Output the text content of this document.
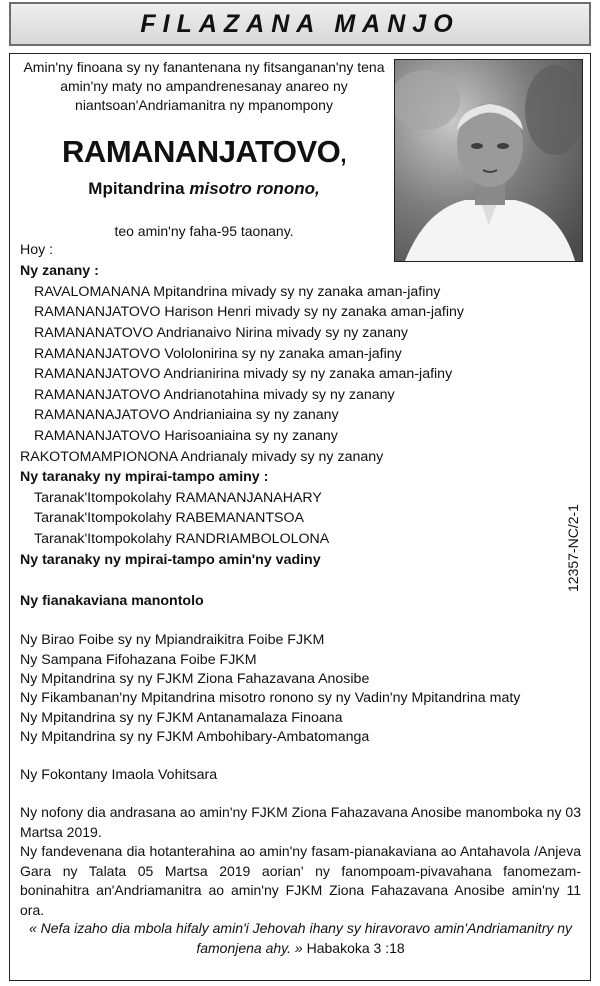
FILAZANA MANJO
Amin'ny finoana sy ny fanantenana ny fitsanganan'ny tena amin'ny maty no ampandrenesanay anareo ny niantsoan'Andriamanitra ny mpanompony
RAMANANJATOVO,
Mpitandrina misotro ronono,
teo amin'ny faha-95 taonany.
Hoy :
Ny zanany :
RAVALOMANANA Mpitandrina mivady sy ny zanaka aman-jafiny
RAMANANJATOVO Harison Henri mivady sy ny zanaka aman-jafiny
RAMANANATOVO Andrianaivo Nirina mivady sy ny zanany
RAMANANJATOVO Vololonirina sy ny zanaka aman-jafiny
RAMANANJATOVO Andrianirina mivady sy ny zanaka aman-jafiny
RAMANANJATOVO Andrianotahina mivady sy ny zanany
RAMANANAJATOVO Andrianiaina sy ny zanany
RAMANANJATOVO Harisoaniaina sy ny zanany
RAKOTOMAMPIONONA Andrianaly mivady sy ny zanany
Ny taranaky ny mpirai-tampo aminy :
Taranak'Itompokolahy RAMANANJANAHARY
Taranak'Itompokolahy RABEMANANTSOA
Taranak'Itompokolahy RANDRIAMBOLOLONA
Ny taranaky ny mpirai-tampo amin'ny vadiny	12357-NC/2-1
Ny fianakaviana manontolo
Ny Birao Foibe sy ny Mpiandraikitra Foibe FJKM
Ny Sampana Fifohazana Foibe FJKM
Ny Mpitandrina sy ny FJKM Ziona Fahazavana Anosibe
Ny Fikambanan'ny Mpitandrina misotro ronono sy ny Vadin'ny Mpitandrina maty
Ny Mpitandrina sy ny FJKM Antanamalaza Finoana
Ny Mpitandrina sy ny FJKM Ambohibary-Ambatomanga
Ny Fokontany Imaola Vohitsara
Ny nofony dia andrasana ao amin'ny FJKM Ziona Fahazavana Anosibe manomboka ny 03 Martsa 2019.
Ny fandevenana dia hotanterahina ao amin'ny fasam-pianakaviana ao Antahavola /Anjeva Gara ny Talata 05 Martsa 2019 aorian' ny fanompoam-pivavahana fanomezam-boninahitra an'Andriamanitra ao amin'ny FJKM Ziona Fahazavana Anosibe amin'ny 11 ora.
« Nefa izaho dia mbola hifaly amin'i Jehovah ihany sy hiravoravo amin'Andriamanitry ny famonjena ahy. » Habakoka 3 :18
